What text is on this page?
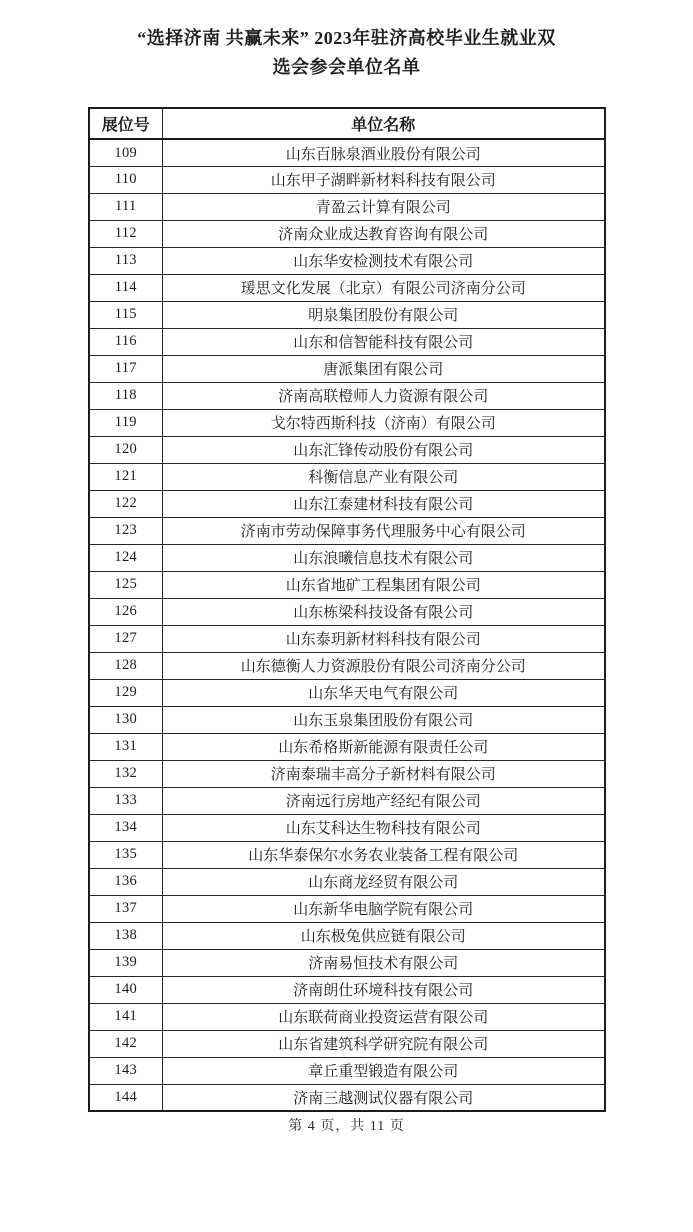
“选择济南 共赢未来” 2023年驻济高校毕业生就业双
选会参会单位名单
展位号	单位名称
109	山东百脉泉酒业股份有限公司
110	山东甲子湖畔新材料科技有限公司
111	青盈云计算有限公司
112	济南众业成达教育咨询有限公司
113	山东华安检测技术有限公司
114	瑗思文化发展（北京）有限公司济南分公司
115	明泉集团股份有限公司
116	山东和信智能科技有限公司
117	唐派集团有限公司
118	济南高联橙师人力资源有限公司
119	戈尔特西斯科技（济南）有限公司
120	山东汇锋传动股份有限公司
121	科衡信息产业有限公司
122	山东江泰建材科技有限公司
123	济南市劳动保障事务代理服务中心有限公司
124	山东浪曦信息技术有限公司
125	山东省地矿工程集团有限公司
126	山东栋梁科技设备有限公司
127	山东泰玥新材料科技有限公司
128	山东德衡人力资源股份有限公司济南分公司
129	山东华天电气有限公司
130	山东玉泉集团股份有限公司
131	山东希格斯新能源有限责任公司
132	济南泰瑞丰高分子新材料有限公司
133	济南远行房地产经纪有限公司
134	山东艾科达生物科技有限公司
135	山东华泰保尔水务农业装备工程有限公司
136	山东商龙经贸有限公司
137	山东新华电脑学院有限公司
138	山东极兔供应链有限公司
139	济南易恒技术有限公司
140	济南朗仕环境科技有限公司
141	山东联荷商业投资运营有限公司
142	山东省建筑科学研究院有限公司
143	章丘重型锻造有限公司
144	济南三越测试仪器有限公司
第 4 页，共 11 页
